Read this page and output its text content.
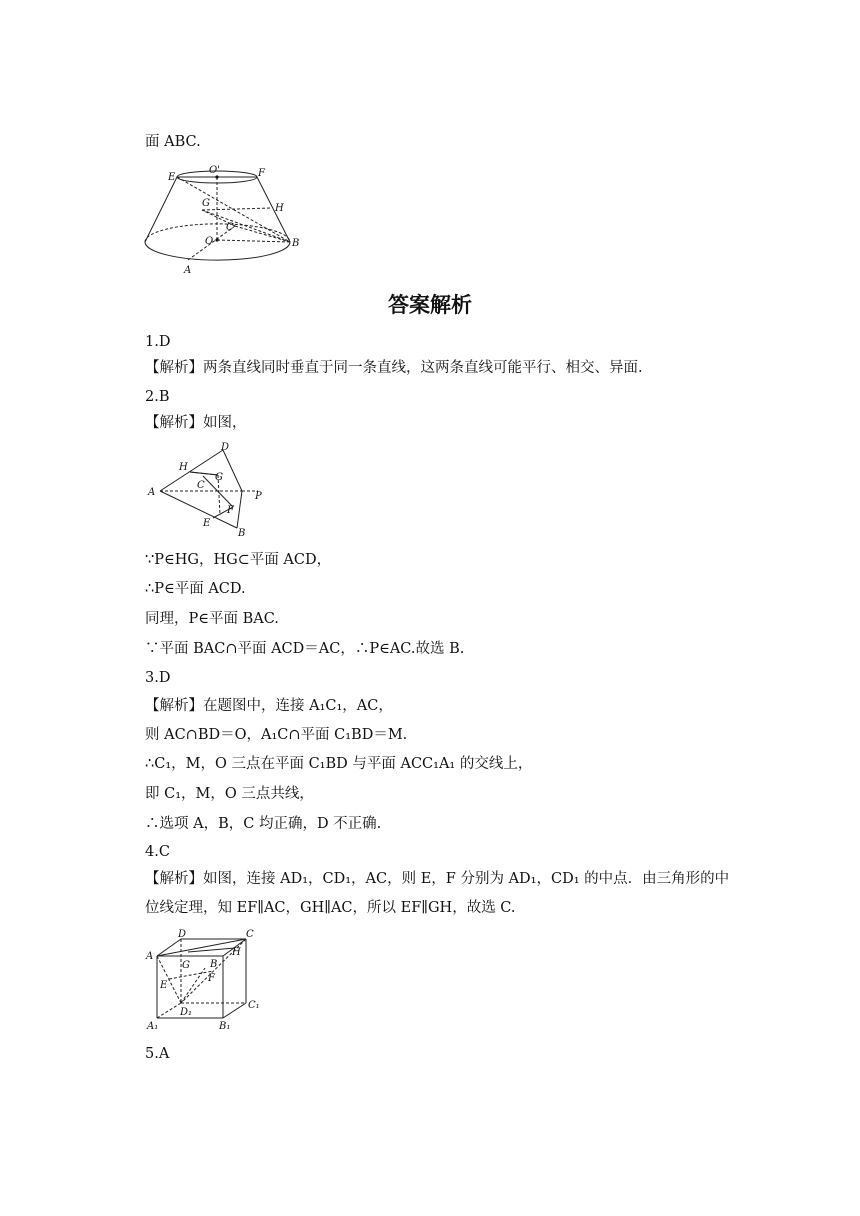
面 ABC.
E
O'	F
G	H
C
O	B
A
答案解析
1.D
【解析】两条直线同时垂直于同一条直线，这两条直线可能平行、相交、异面.
2.B
【解析】如图，
D
H
G
C
A	P
F
E
B
∵P∈HG，HG⊂平面 ACD，
∴P∈平面 ACD.
同理，P∈平面 BAC.
∵平面 BAC∩平面 ACD＝AC，∴P∈AC.故选 B.
3.D
【解析】在题图中，连接 A₁C₁，AC，
则 AC∩BD＝O，A₁C∩平面 C₁BD＝M.
∴C₁，M，O 三点在平面 C₁BD 与平面 ACC₁A₁ 的交线上，
即 C₁，M，O 三点共线，
∴选项 A，B，C 均正确，D 不正确.
4.C
【解析】如图，连接 AD₁，CD₁，AC，则 E，F 分别为 AD₁，CD₁ 的中点．由三角形的中
位线定理，知 EF∥AC，GH∥AC，所以 EF∥GH，故选 C.
D	C
A
G B
H
F
E
D₁
C₁
A₁	B₁
5.A
